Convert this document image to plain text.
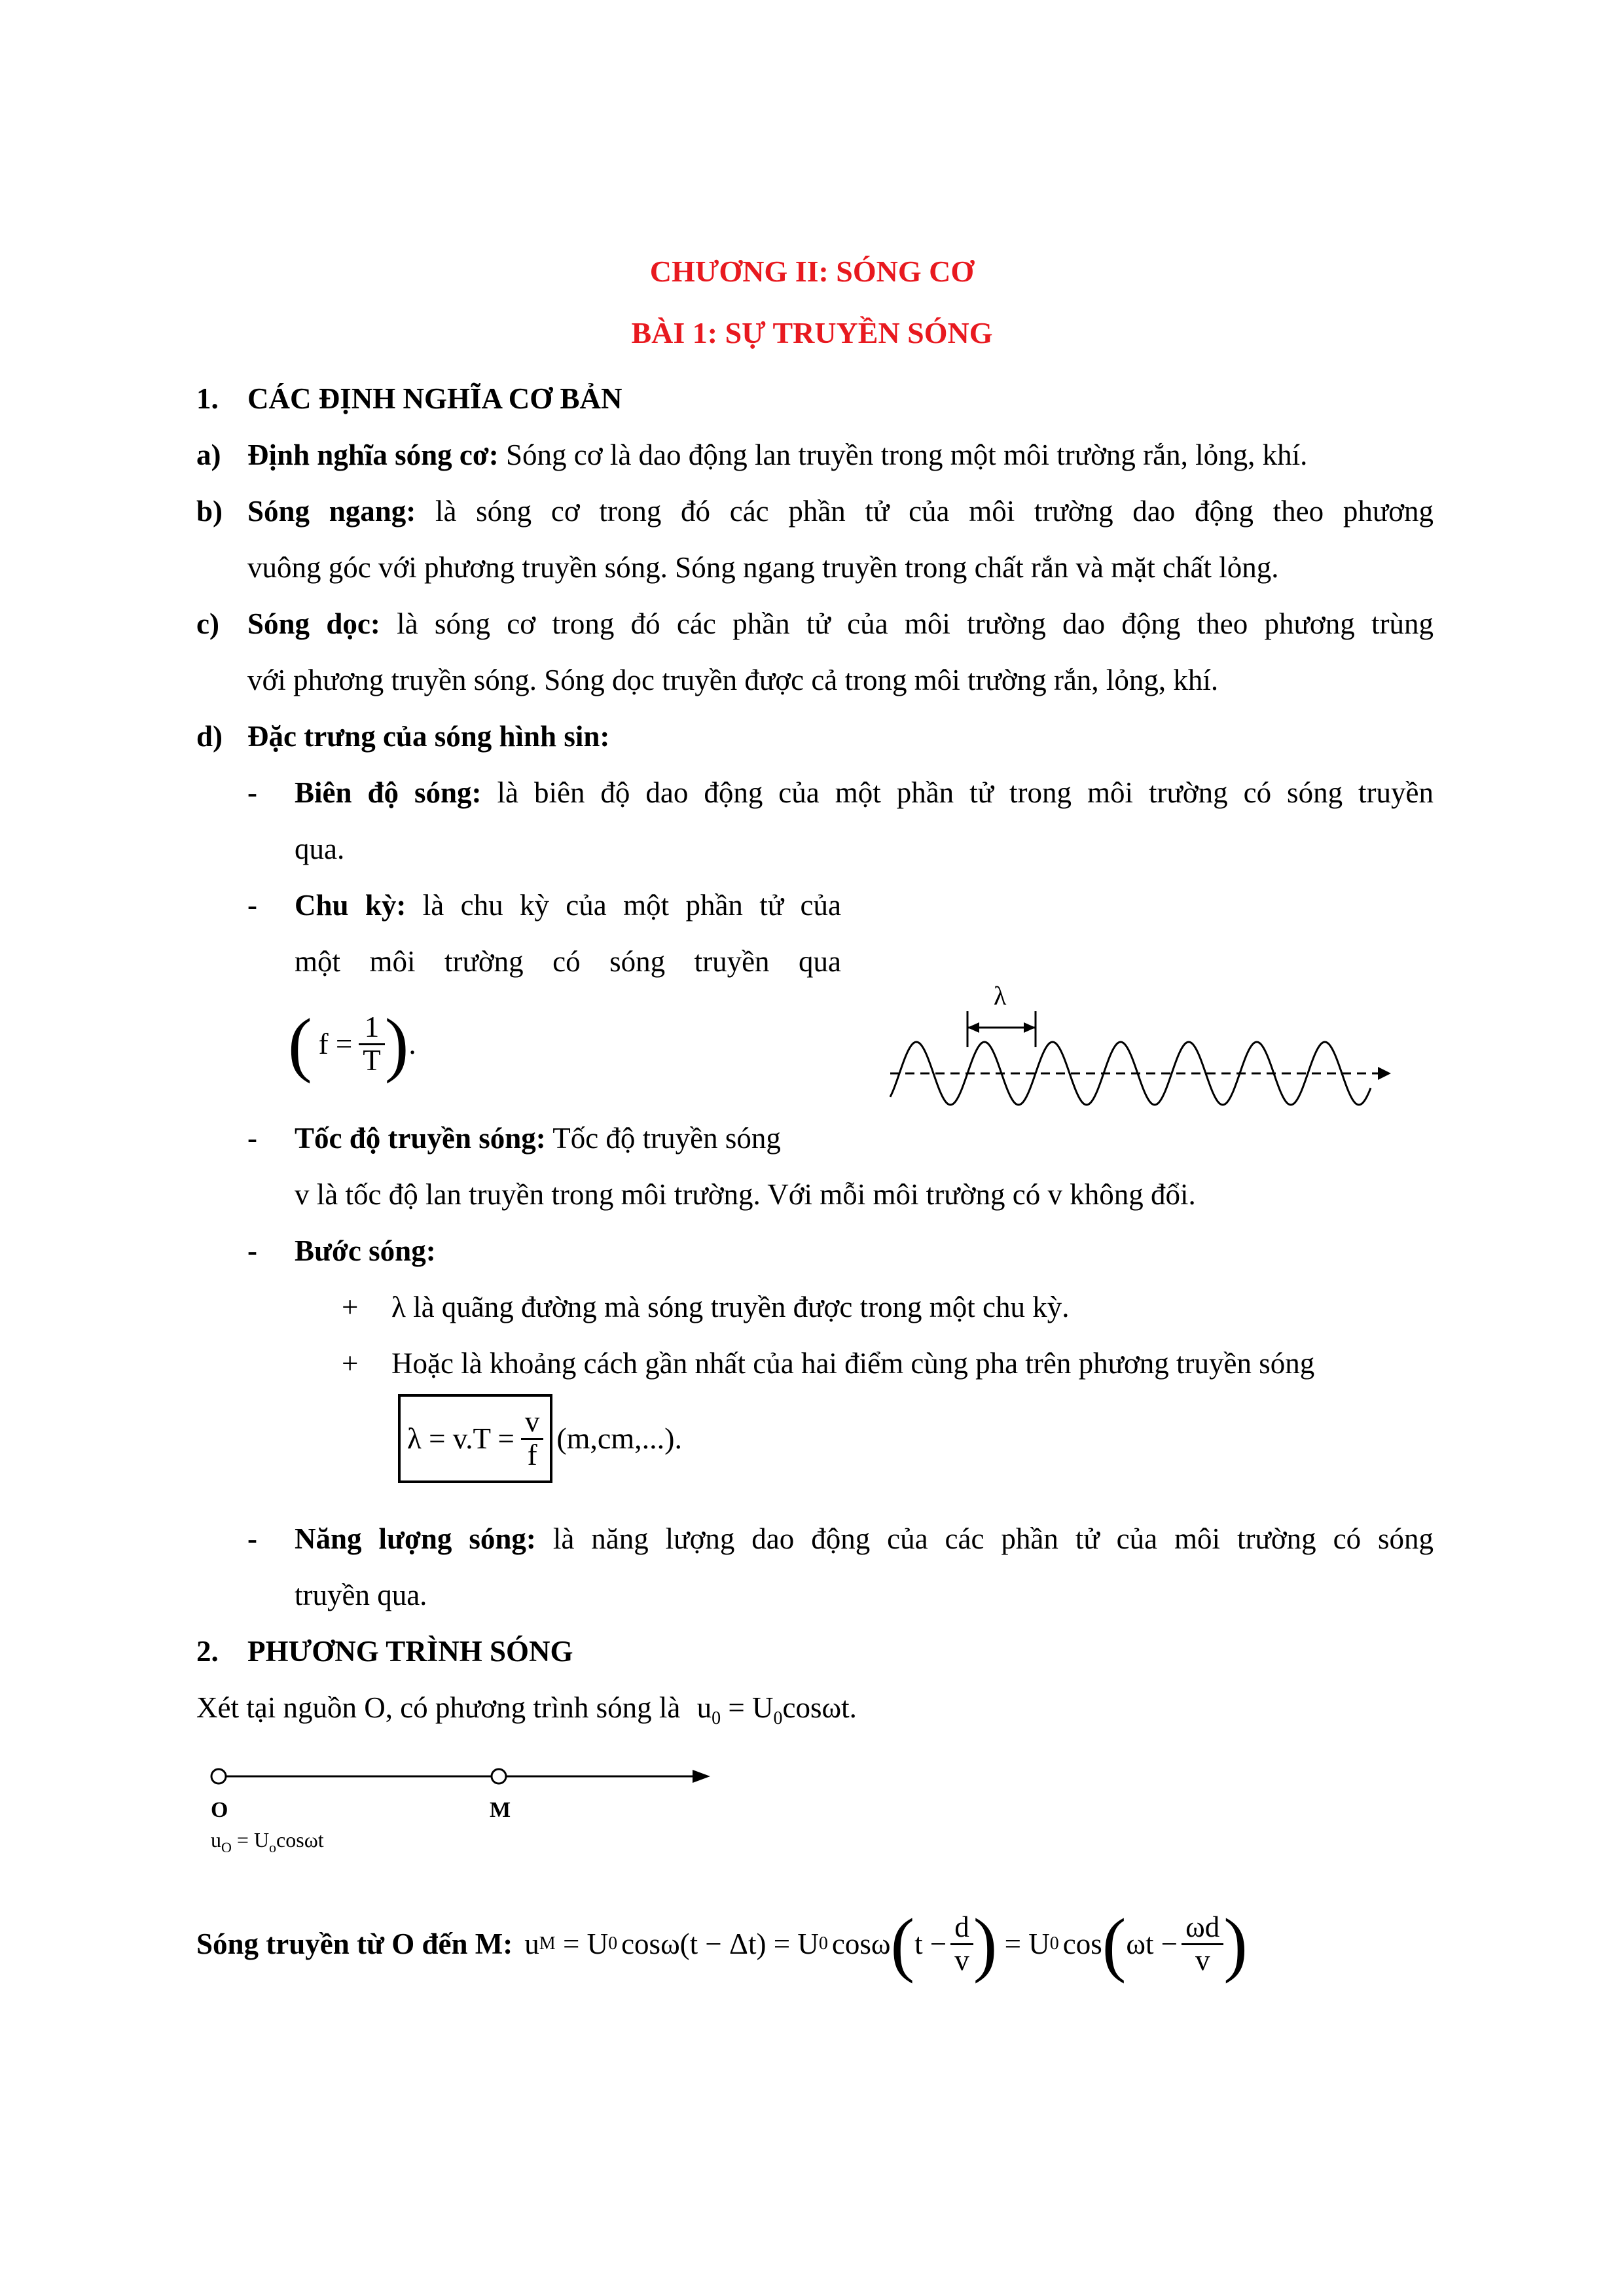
CHƯƠNG II: SÓNG CƠ
BÀI 1: SỰ TRUYỀN SÓNG
1. CÁC ĐỊNH NGHĨA CƠ BẢN
a) Định nghĩa sóng cơ: Sóng cơ là dao động lan truyền trong một môi trường rắn, lỏng, khí.
b) Sóng ngang: là sóng cơ trong đó các phần tử của môi trường dao động theo phương
vuông góc với phương truyền sóng. Sóng ngang truyền trong chất rắn và mặt chất lỏng.
c) Sóng dọc: là sóng cơ trong đó các phần tử của môi trường dao động theo phương trùng
với phương truyền sóng. Sóng dọc truyền được cả trong môi trường rắn, lỏng, khí.
d) Đặc trưng của sóng hình sin:
- Biên độ sóng: là biên độ dao động của một phần tử trong môi trường có sóng truyền
qua.
- Chu kỳ: là chu kỳ của một phần tử của
một môi trường có sóng truyền qua
( $f = \frac{1}{T}$ ) .
λ
- Tốc độ truyền sóng: Tốc độ truyền sóng
v là tốc độ lan truyền trong môi trường. Với mỗi môi trường có v không đổi.
- Bước sóng:
+ λ là quãng đường mà sóng truyền được trong một chu kỳ.
+ Hoặc là khoảng cách gần nhất của hai điểm cùng pha trên phương truyền sóng
$\lambda = v.T = \frac{v}{f} (m,cm,...)$.
- Năng lượng sóng: là năng lượng dao động của các phần tử của môi trường có sóng
truyền qua.
2. PHƯƠNG TRÌNH SÓNG
Xét tại nguồn O, có phương trình sóng là $u_0 = U_0\cos\omega t$.
O	M
$u_O = U_o\cos\omega t$
Sóng truyền từ O đến M: u M = U 0 cosω(t − Δt) = U 0 cosω ( $t - \frac{d}{v}$ ) = U 0 cos ( $\omega t - \frac{\omega d}{v}$ )
